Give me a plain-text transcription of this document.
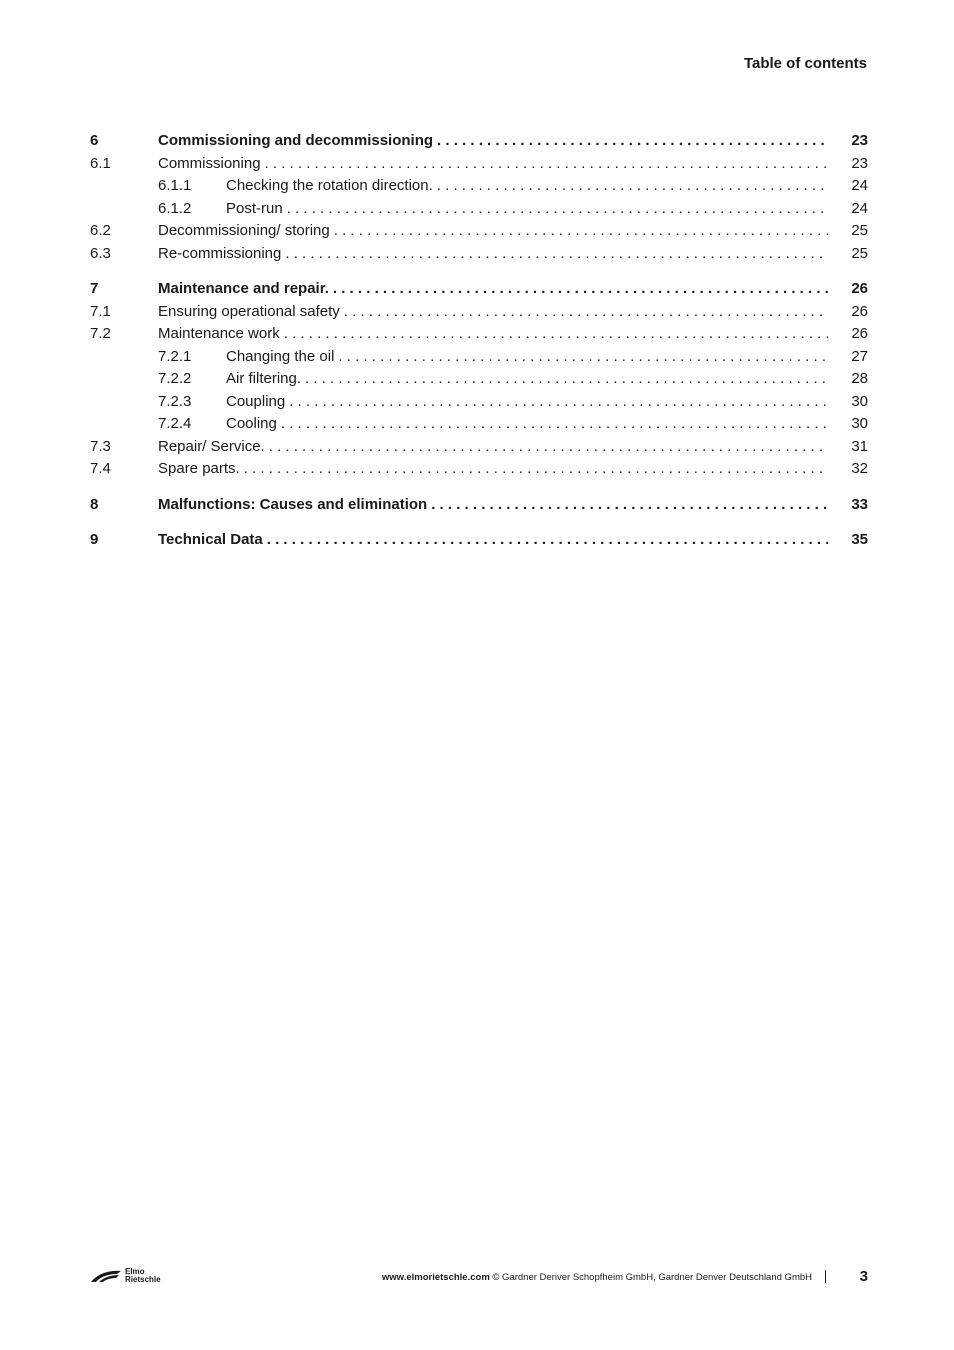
Table of contents
6	Commissioning and decommissioning . . .	23
6.1	Commissioning . . .	23
6.1.1 Checking the rotation direction. . . .	24
6.1.2 Post-run . . .	24
6.2	Decommissioning/ storing . . .	25
6.3	Re-commissioning . . .	25
7	Maintenance and repair. . . .	26
7.1	Ensuring operational safety . . .	26
7.2	Maintenance work . . .	26
7.2.1 Changing the oil . . .	27
7.2.2 Air filtering. . . .	28
7.2.3 Coupling . . .	30
7.2.4 Cooling . . .	30
7.3	Repair/ Service. . . .	31
7.4	Spare parts. . . .	32
8	Malfunctions: Causes and elimination . . .	33
9	Technical Data . . .	35
Elmo
Rietschle	www.elmorietschle.com © Gardner Denver Schopfheim GmbH, Gardner Denver Deutschland GmbH	3
